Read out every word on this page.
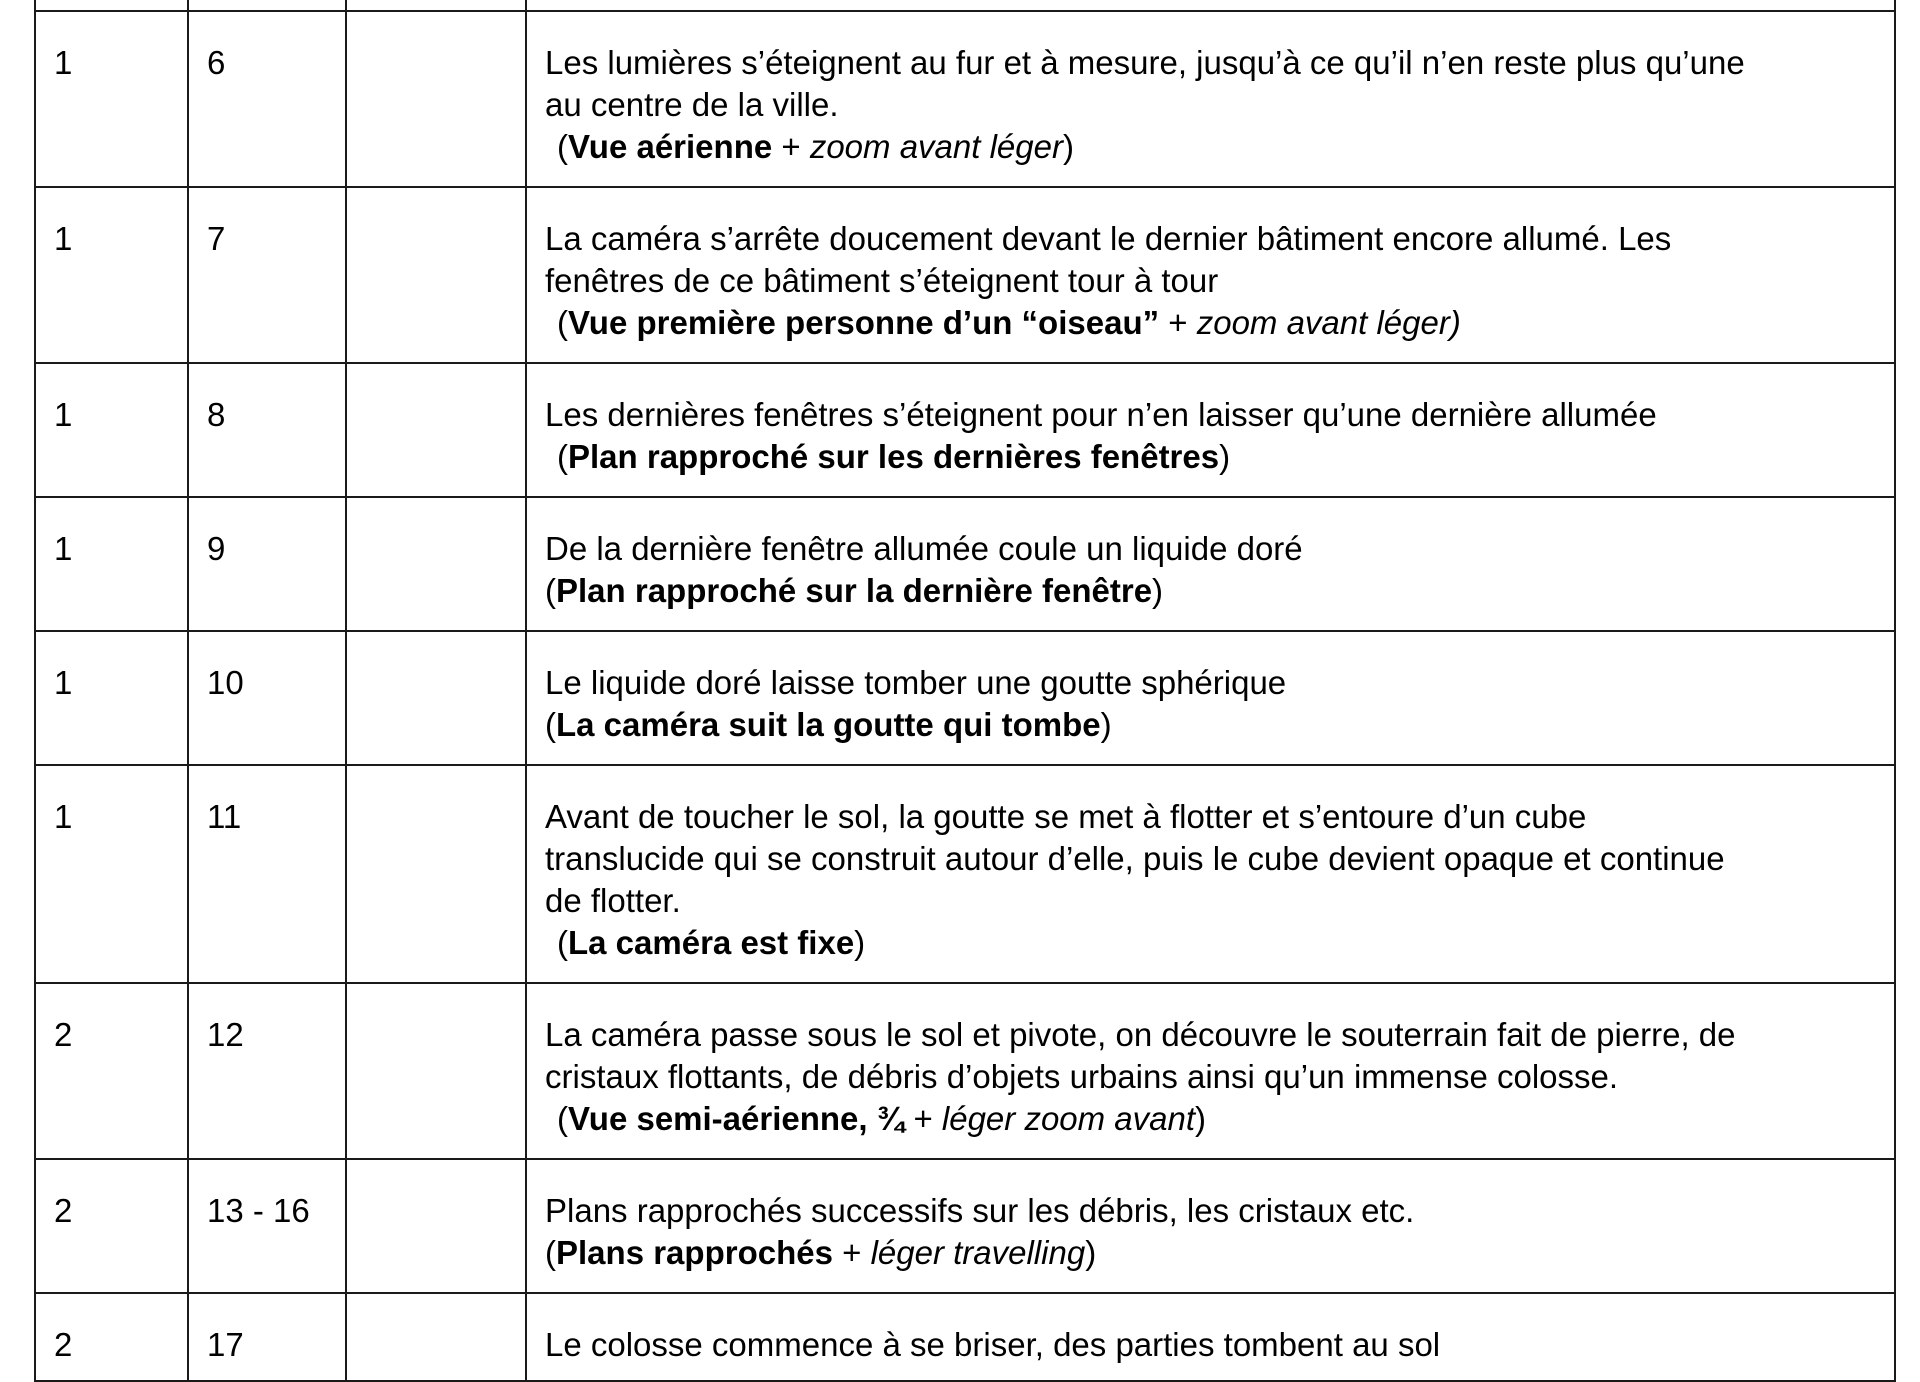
1	6		Les lumières s’éteignent au fur et à mesure, jusqu’à ce qu’il n’en reste plus qu’une
au centre de la ville.
(Vue aérienne + zoom avant léger)

1	7		La caméra s’arrête doucement devant le dernier bâtiment encore allumé. Les
fenêtres de ce bâtiment s’éteignent tour à tour
(Vue première personne d’un “oiseau” + zoom avant léger)

1	8		Les dernières fenêtres s’éteignent pour n’en laisser qu’une dernière allumée
(Plan rapproché sur les dernières fenêtres)

1	9		De la dernière fenêtre allumée coule un liquide doré
(Plan rapproché sur la dernière fenêtre)

1	10		Le liquide doré laisse tomber une goutte sphérique
(La caméra suit la goutte qui tombe)

1	11		Avant de toucher le sol, la goutte se met à flotter et s’entoure d’un cube
translucide qui se construit autour d’elle, puis le cube devient opaque et continue
de flotter.
(La caméra est fixe)

2	12		La caméra passe sous le sol et pivote, on découvre le souterrain fait de pierre, de
cristaux flottants, de débris d’objets urbains ainsi qu’un immense colosse.
(Vue semi-aérienne, ¾ + léger zoom avant)

2	13 - 16		Plans rapprochés successifs sur les débris, les cristaux etc.
(Plans rapprochés + léger travelling)

2	17		Le colosse commence à se briser, des parties tombent au sol
